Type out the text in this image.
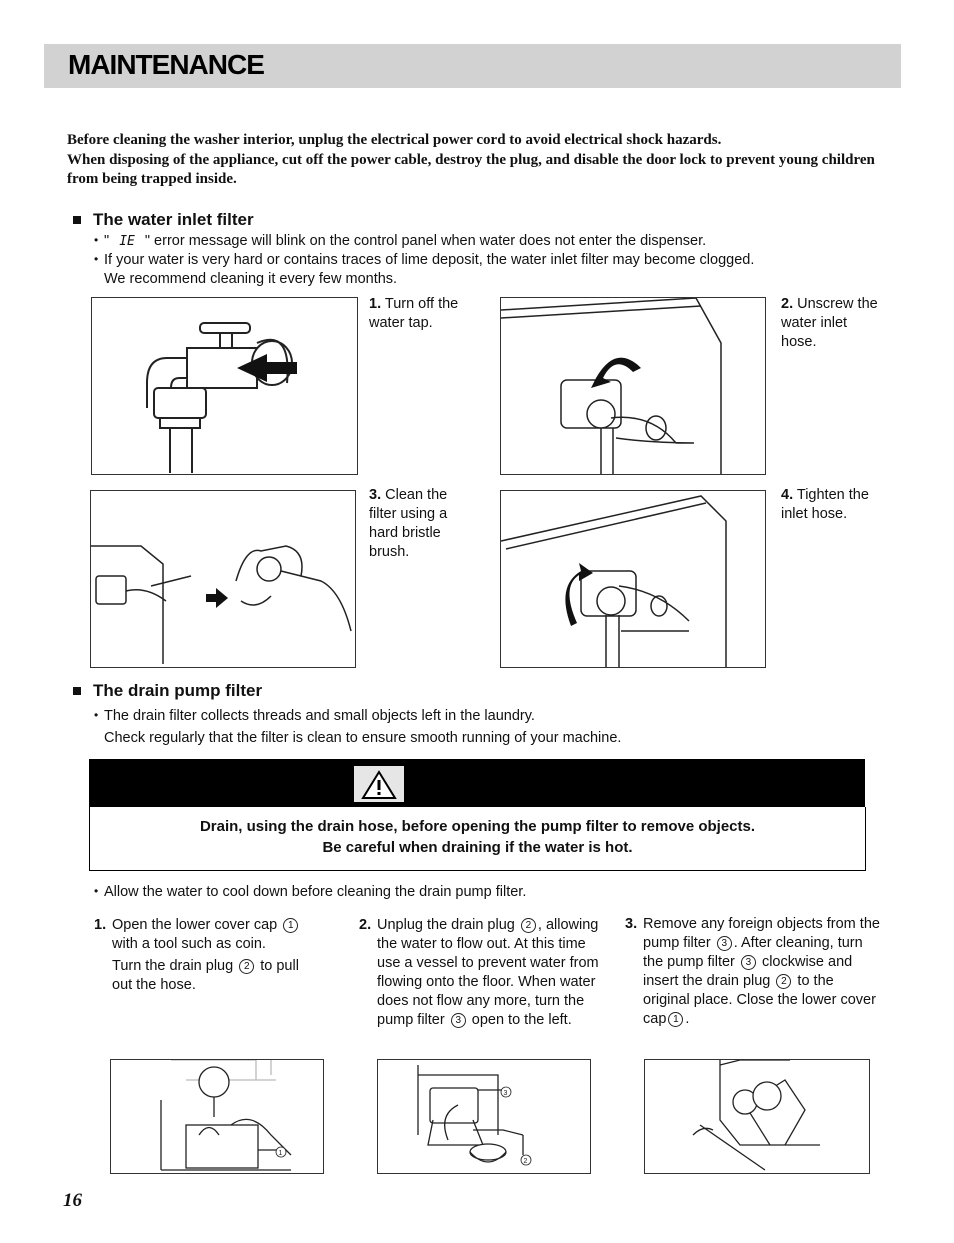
MAINTENANCE

Before cleaning the washer interior, unplug the electrical power cord to avoid electrical shock hazards.

When disposing of the appliance, cut off the power cable, destroy the plug, and disable the door lock to prevent young children from being trapped inside.

The water inlet filter
• " IE " error message will blink on the control panel when water does not enter the dispenser.
• If your water is very hard or contains traces of lime deposit, the water inlet filter may become clogged.
We recommend cleaning it every few months.
1. Turn off the water tap.
2. Unscrew the water inlet hose.
3. Clean the filter using a hard bristle brush.
4. Tighten the inlet hose.
The drain pump filter
• The drain filter collects threads and small objects left in the laundry.
Check regularly that the filter is clean to ensure smooth running of your machine.
Drain, using the drain hose, before opening the pump filter to remove objects.
Be careful when draining if the water is hot.
• Allow the water to cool down before cleaning the drain pump filter.
1. Open the lower cover cap 1 with a tool such as coin.
Turn the drain plug 2 to pull out the hose.
2. Unplug the drain plug 2 , allowing the water to flow out. At this time use a vessel to prevent water from flowing onto the floor. When water does not flow any more, turn the pump filter 3 open to the left.
3. Remove any foreign objects from the pump filter 3 . After cleaning, turn the pump filter 3 clockwise and insert the drain plug 2 to the original place. Close the lower cover cap 1 .
1
3
2
16
